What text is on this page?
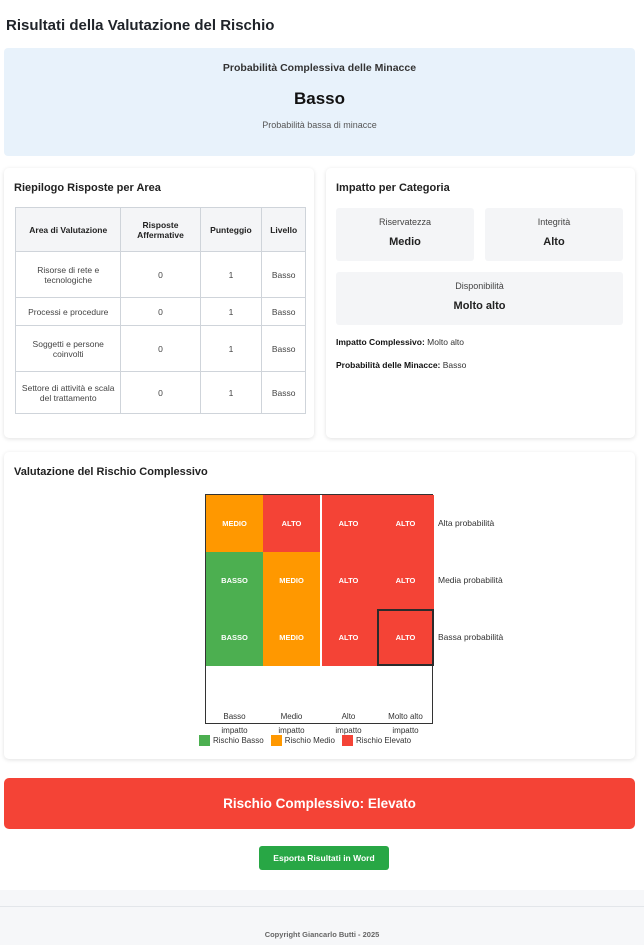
Risultati della Valutazione del Rischio
Probabilità Complessiva delle Minacce
Basso
Probabilità bassa di minacce
Riepilogo Risposte per Area
Area di Valutazione	Risposte Affermative	Punteggio	Livello
Risorse di rete e tecnologiche	0	1	Basso
Processi e procedure	0	1	Basso
Soggetti e persone coinvolti	0	1	Basso
Settore di attività e scala del trattamento	0	1	Basso
Impatto per Categoria
Riservatezza
Medio
Integrità
Alto
Disponibilità
Molto alto
Impatto Complessivo: Molto alto
Probabilità delle Minacce: Basso
Valutazione del Rischio Complessivo
MEDIO	ALTO	ALTO	ALTO
BASSO	MEDIO	ALTO	ALTO
BASSO	MEDIO	ALTO	ALTO
Alta probabilità
Media probabilità
Bassa probabilità
Basso
impatto
Medio
impatto
Alto
impatto
Molto alto
impatto
Rischio Basso	Rischio Medio	Rischio Elevato
Rischio Complessivo: Elevato
Esporta Risultati in Word
Copyright Giancarlo Butti - 2025
